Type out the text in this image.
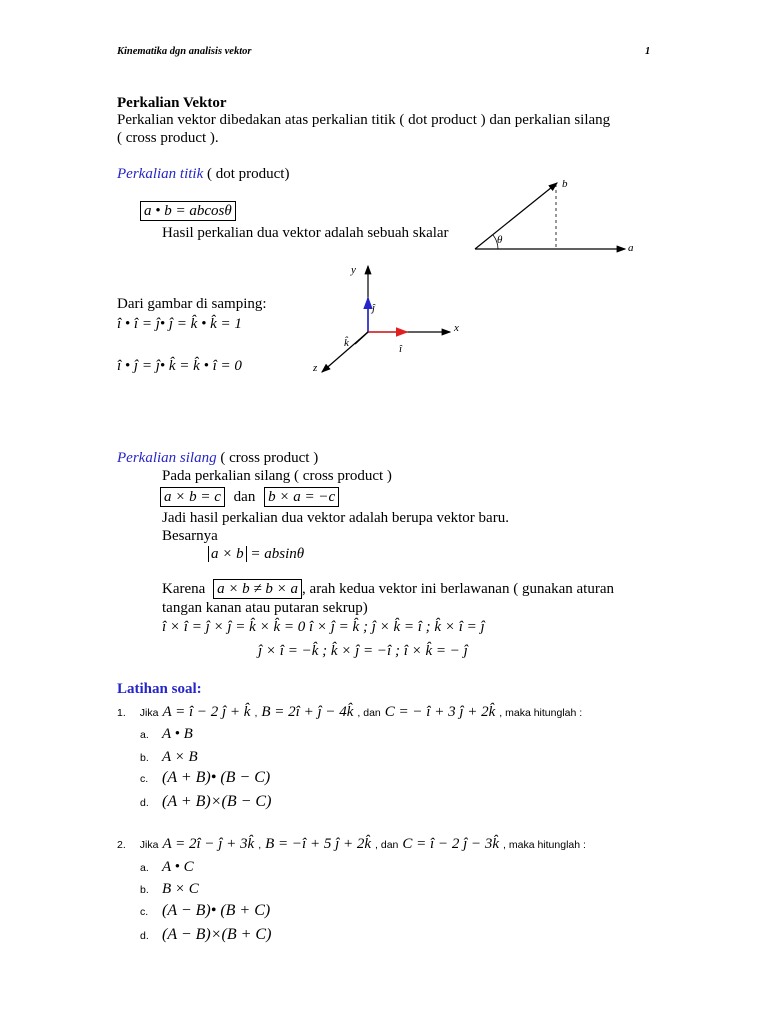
Kinematika dgn analisis vektor	1
Perkalian Vektor
Perkalian vektor dibedakan atas perkalian titik ( dot product ) dan perkalian silang
( cross product ).
Perkalian titik ( dot product)
a • b = abcosθ
Hasil perkalian dua vektor adalah sebuah skalar
b
a
θ
Dari gambar di samping:
î • î = ĵ• ĵ = k̂ • k̂ = 1
î • ĵ = ĵ• k̂ = k̂ • î = 0
y
x
z
ĵ
î
k̂
Perkalian silang ( cross product )
Pada perkalian silang ( cross product )
a × b = c dan b × a = −c
Jadi hasil perkalian dua vektor adalah berupa vektor baru.
Besarnya
a × b = absinθ
Karena a × b ≠ b × a , arah kedua vektor ini berlawanan ( gunakan aturan
tangan kanan atau putaran sekrup)
î × î = ĵ × ĵ = k̂ × k̂ = 0 î × ĵ = k̂ ; ĵ × k̂ = î ; k̂ × î = ĵ
ĵ × î = −k̂ ; k̂ × ĵ = −î ; î × k̂ = − ĵ
Latihan soal:
1. Jika A = î − 2 ĵ + k̂ , B = 2î + ĵ − 4k̂ , dan C = − î + 3 ĵ + 2k̂ , maka hitunglah :
a. A • B
b. A × B
c. (A + B)• (B − C)
d. (A + B)×(B − C)
2. Jika A = 2î − ĵ + 3k̂ , B = −î + 5 ĵ + 2k̂ , dan C = î − 2 ĵ − 3k̂ , maka hitunglah :
a. A • C
b. B × C
c. (A − B)• (B + C)
d. (A − B)×(B + C)
